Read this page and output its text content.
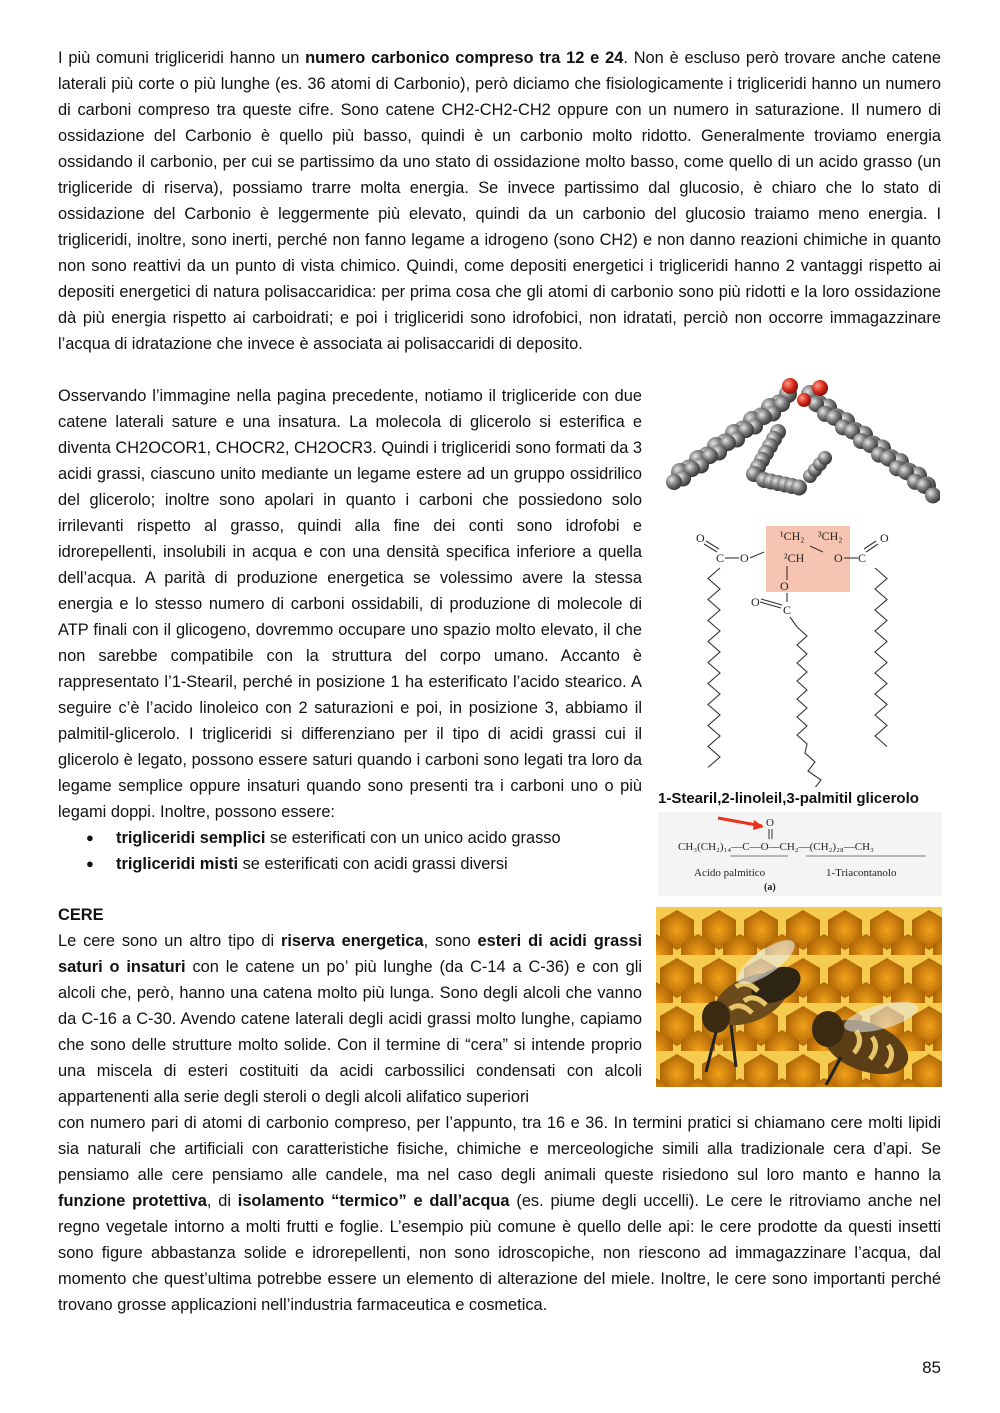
I più comuni trigliceridi hanno un numero carbonico compreso tra 12 e 24. Non è escluso però trovare anche catene laterali più corte o più lunghe (es. 36 atomi di Carbonio), però diciamo che fisiologicamente i trigliceridi hanno un numero di carboni compreso tra queste cifre. Sono catene CH2-CH2-CH2 oppure con un numero in saturazione. Il numero di ossidazione del Carbonio è quello più basso, quindi è un carbonio molto ridotto. Generalmente troviamo energia ossidando il carbonio, per cui se partissimo da uno stato di ossidazione molto basso, come quello di un acido grasso (un trigliceride di riserva), possiamo trarre molta energia. Se invece partissimo dal glucosio, è chiaro che lo stato di ossidazione del Carbonio è leggermente più elevato, quindi da un carbonio del glucosio traiamo meno energia. I trigliceridi, inoltre, sono inerti, perché non fanno legame a idrogeno (sono CH2) e non danno reazioni chimiche in quanto non sono reattivi da un punto di vista chimico. Quindi, come depositi energetici i trigliceridi hanno 2 vantaggi rispetto ai depositi energetici di natura polisaccaridica: per prima cosa che gli atomi di carbonio sono più ridotti e la loro ossidazione dà più energia rispetto ai carboidrati; e poi i trigliceridi sono idrofobici, non idratati, perciò non occorre immagazzinare l’acqua di idratazione che invece è associata ai polisaccaridi di deposito.

Osservando l’immagine nella pagina precedente, notiamo il trigliceride con due catene laterali sature e una insatura. La molecola di glicerolo si esterifica e diventa CH2OCOR1, CHOCR2, CH2OCR3. Quindi i trigliceridi sono formati da 3 acidi grassi, ciascuno unito mediante un legame estere ad un gruppo ossidrilico del glicerolo; inoltre sono apolari in quanto i carboni che possiedono solo irrilevanti rispetto al grasso, quindi alla fine dei conti sono idrofobi e idrorepellenti, insolubili in acqua e con una densità specifica inferiore a quella dell’acqua. A parità di produzione energetica se volessimo avere la stessa energia e lo stesso numero di carboni ossidabili, di produzione di molecole di ATP finali con il glicogeno, dovremmo occupare uno spazio molto elevato, il che non sarebbe compatibile con la struttura del corpo umano. Accanto è rappresentato l’1-Stearil, perché in posizione 1 ha esterificato l’acido stearico. A seguire c’è l’acido linoleico con 2 saturazioni e poi, in posizione 3, abbiamo il palmitil-glicerolo. I trigliceridi si differenziano per il tipo di acidi grassi cui il glicerolo è legato, possono essere saturi quando i carboni sono legati tra loro da legame semplice oppure insaturi quando sono presenti tra i carboni uno o più legami doppi. Inoltre, possono essere:

● trigliceridi semplici se esterificati con un unico acido grasso
● trigliceridi misti se esterificati con acidi grassi diversi

CERE

Le cere sono un altro tipo di riserva energetica, sono esteri di acidi grassi saturi o insaturi con le catene un po’ più lunghe (da C-14 a C-36) e con gli alcoli che, però, hanno una catena molto più lunga. Sono degli alcoli che vanno da C-16 a C-30. Avendo catene laterali degli acidi grassi molto lunghe, capiamo che sono delle strutture molto solide. Con il termine di “cera” si intende proprio una miscela di esteri costituiti da acidi carbossilici condensati con alcoli appartenenti alla serie degli steroli o degli alcoli alifatico superiori

con numero pari di atomi di carbonio compreso, per l’appunto, tra 16 e 36. In termini pratici si chiamano cere molti lipidi sia naturali che artificiali con caratteristiche fisiche, chimiche e merceologiche simili alla tradizionale cera d’api. Se pensiamo alle cere pensiamo alle candele, ma nel caso degli animali queste risiedono sul loro manto e hanno la funzione protettiva, di isolamento “termico” e dall’acqua (es. piume degli uccelli). Le cere le ritroviamo anche nel regno vegetale intorno a molti frutti e foglie. L’esempio più comune è quello delle api: le cere prodotte da questi insetti sono figure abbastanza solide e idrorepellenti, non sono idroscopiche, non riescono ad immagazzinare l’acqua, dal momento che quest’ultima potrebbe essere un elemento di alterazione del miele. Inoltre, le cere sono importanti perché trovano grosse applicazioni nell’industria farmaceutica e cosmetica.

¹CH₂
²CH
³CH₂
O
C O
O
O
C
O C
O
1-Stearil,2-linoleil,3-palmitil glicerolo
O
CH₃(CH₂)₁₄—C—O—CH₂—(CH₂)₂₈—CH₃
Acido palmitico	1-Triacontanolo
(a)
85
